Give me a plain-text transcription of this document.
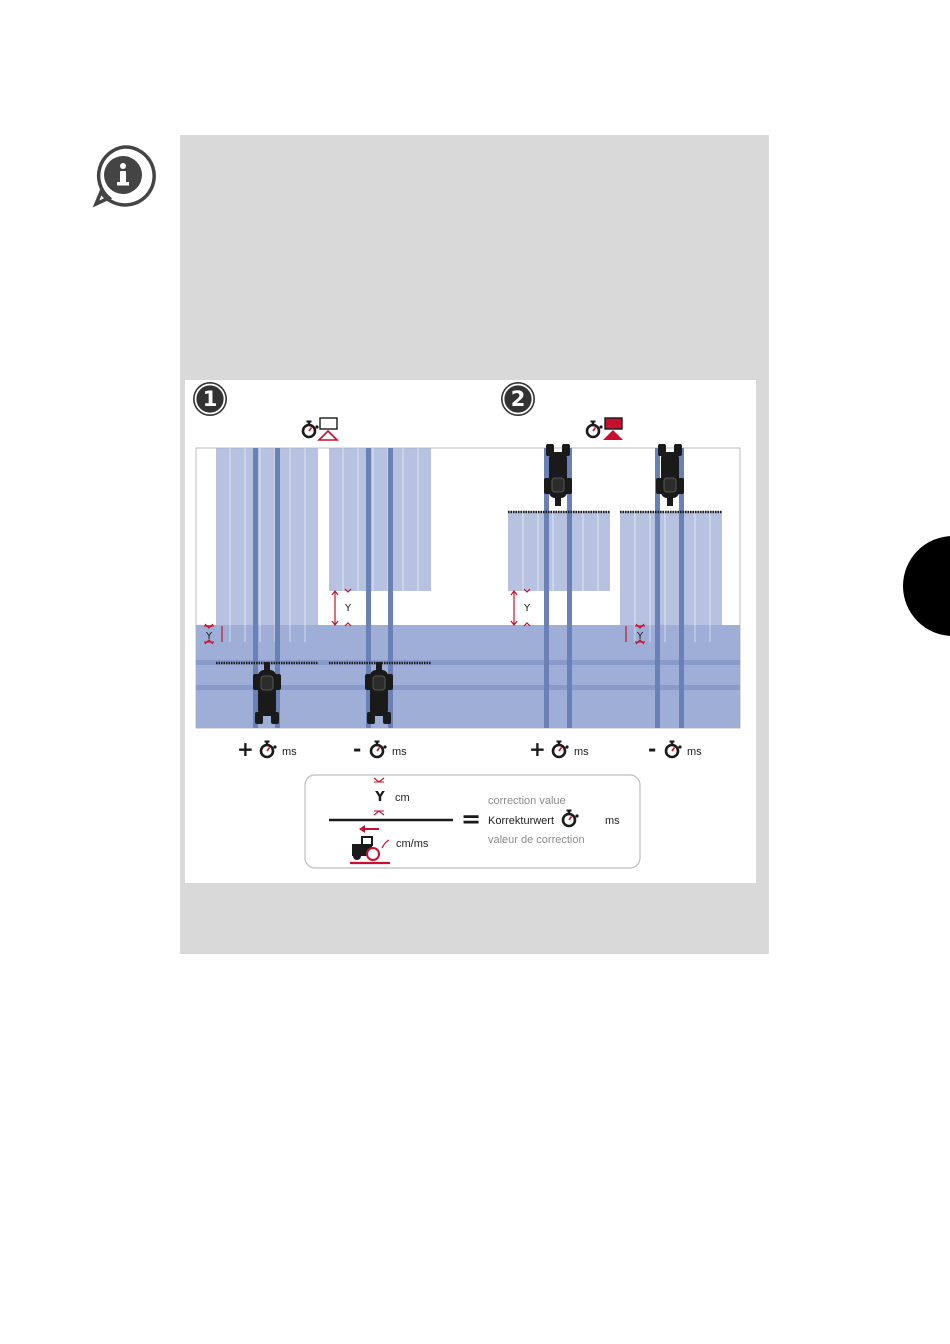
1	2
Y
Y	Y
Y
+	ms	-	ms	+	ms	-	ms
Y cm
cm/ms
=
correction value
Korrekturwert	ms
valeur de correction
